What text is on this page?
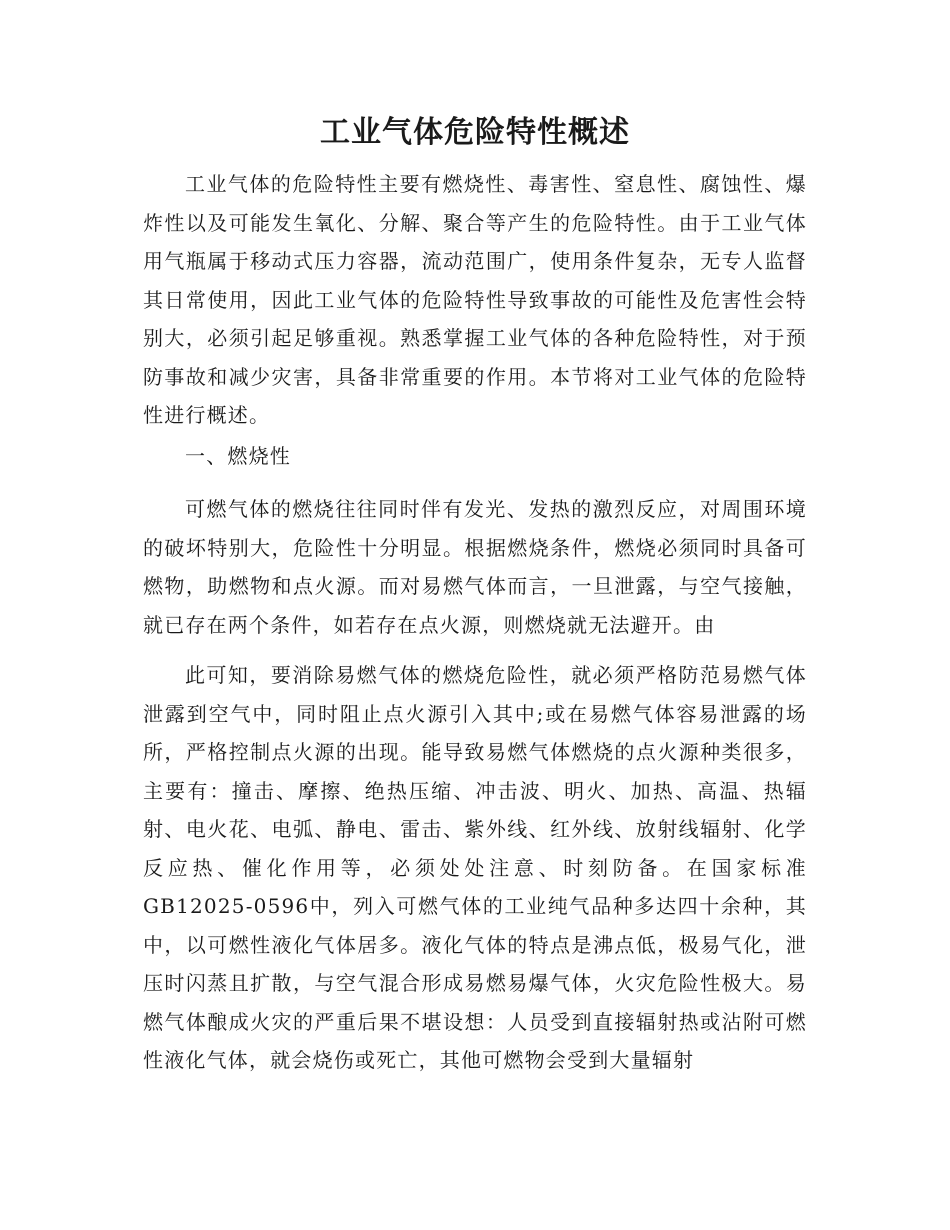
工业气体危险特性概述

工业气体的危险特性主要有燃烧性、毒害性、窒息性、腐蚀性、爆炸性以及可能发生氧化、分解、聚合等产生的危险特性。由于工业气体用气瓶属于移动式压力容器，流动范围广，使用条件复杂，无专人监督其日常使用，因此工业气体的危险特性导致事故的可能性及危害性会特别大，必须引起足够重视。熟悉掌握工业气体的各种危险特性，对于预防事故和减少灾害，具备非常重要的作用。本节将对工业气体的危险特性进行概述。

一、燃烧性

可燃气体的燃烧往往同时伴有发光、发热的激烈反应，对周围环境的破坏特别大，危险性十分明显。根据燃烧条件，燃烧必须同时具备可燃物，助燃物和点火源。而对易燃气体而言，一旦泄露，与空气接触，就已存在两个条件，如若存在点火源，则燃烧就无法避开。由

此可知，要消除易燃气体的燃烧危险性，就必须严格防范易燃气体泄露到空气中，同时阻止点火源引入其中;或在易燃气体容易泄露的场所，严格控制点火源的出现。能导致易燃气体燃烧的点火源种类很多，主要有：撞击、摩擦、绝热压缩、冲击波、明火、加热、高温、热辐射、电火花、电弧、静电、雷击、紫外线、红外线、放射线辐射、化学反应热、催化作用等，必须处处注意、时刻防备。在国家标准GB12025-0596中，列入可燃气体的工业纯气品种多达四十余种，其中，以可燃性液化气体居多。液化气体的特点是沸点低，极易气化，泄压时闪蒸且扩散，与空气混合形成易燃易爆气体，火灾危险性极大。易燃气体酿成火灾的严重后果不堪设想：人员受到直接辐射热或沾附可燃性液化气体，就会烧伤或死亡，其他可燃物会受到大量辐射
